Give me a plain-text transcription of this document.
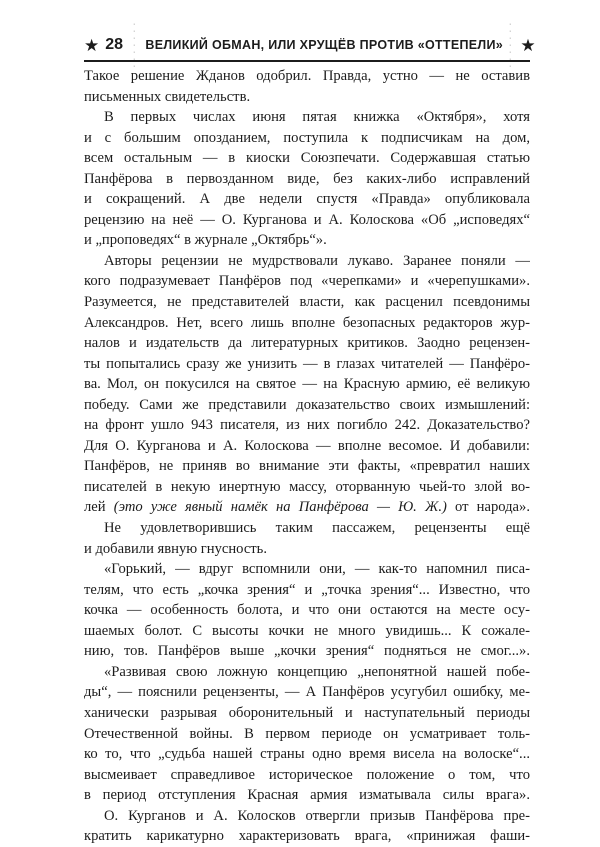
★ 28
· · · · · · ·
ВЕЛИКИЙ ОБМАН, ИЛИ ХРУЩЁВ ПРОТИВ «ОТТЕПЕЛИ»
· · · · · · ·
★
Такое решение Жданов одобрил. Правда, устно — не оставив
письменных свидетельств.
В первых числах июня пятая книжка «Октября», хотя
и с большим опозданием, поступила к подписчикам на дом,
всем остальным — в киоски Союзпечати. Содержавшая статью
Панфёрова в первозданном виде, без каких-либо исправлений
и сокращений. А две недели спустя «Правда» опубликовала
рецензию на неё — О. Курганова и А. Колоскова «Об „исповедях“
и „проповедях“ в журнале „Октябрь“».
Авторы рецензии не мудрствовали лукаво. Заранее поняли —
кого подразумевает Панфёров под «черепками» и «черепушками».
Разумеется, не представителей власти, как расценил псевдонимы
Александров. Нет, всего лишь вполне безопасных редакторов жур-
налов и издательств да литературных критиков. Заодно рецензен-
ты попытались сразу же унизить — в глазах читателей — Панфёро-
ва. Мол, он покусился на святое — на Красную армию, её великую
победу. Сами же представили доказательство своих измышлений:
на фронт ушло 943 писателя, из них погибло 242. Доказательство?
Для О. Курганова и А. Колоскова — вполне весомое. И добавили:
Панфёров, не приняв во внимание эти факты, «превратил наших
писателей в некую инертную массу, оторванную чьей-то злой во-
лей (это уже явный намёк на Панфёрова — Ю. Ж.) от народа».
Не удовлетворившись таким пассажем, рецензенты ещё
и добавили явную гнусность.
«Горький, — вдруг вспомнили они, — как-то напомнил писа-
телям, что есть „кочка зрения“ и „точка зрения“... Известно, что
кочка — особенность болота, и что они остаются на месте осу-
шаемых болот. С высоты кочки не много увидишь... К сожале-
нию, тов. Панфёров выше „кочки зрения“ подняться не смог...».
«Развивая свою ложную концепцию „непонятной нашей побе-
ды“, — пояснили рецензенты, — А Панфёров усугубил ошибку, ме-
ханически разрывая оборонительный и наступательный периоды
Отечественной войны. В первом периоде он усматривает толь-
ко то, что „судьба нашей страны одно время висела на волоске“...
высмеивает справедливое историческое положение о том, что
в период отступления Красная армия изматывала силы врага».
О. Курганов и А. Колосков отвергли призыв Панфёрова пре-
кратить карикатурно характеризовать врага, «принижая фаши-
